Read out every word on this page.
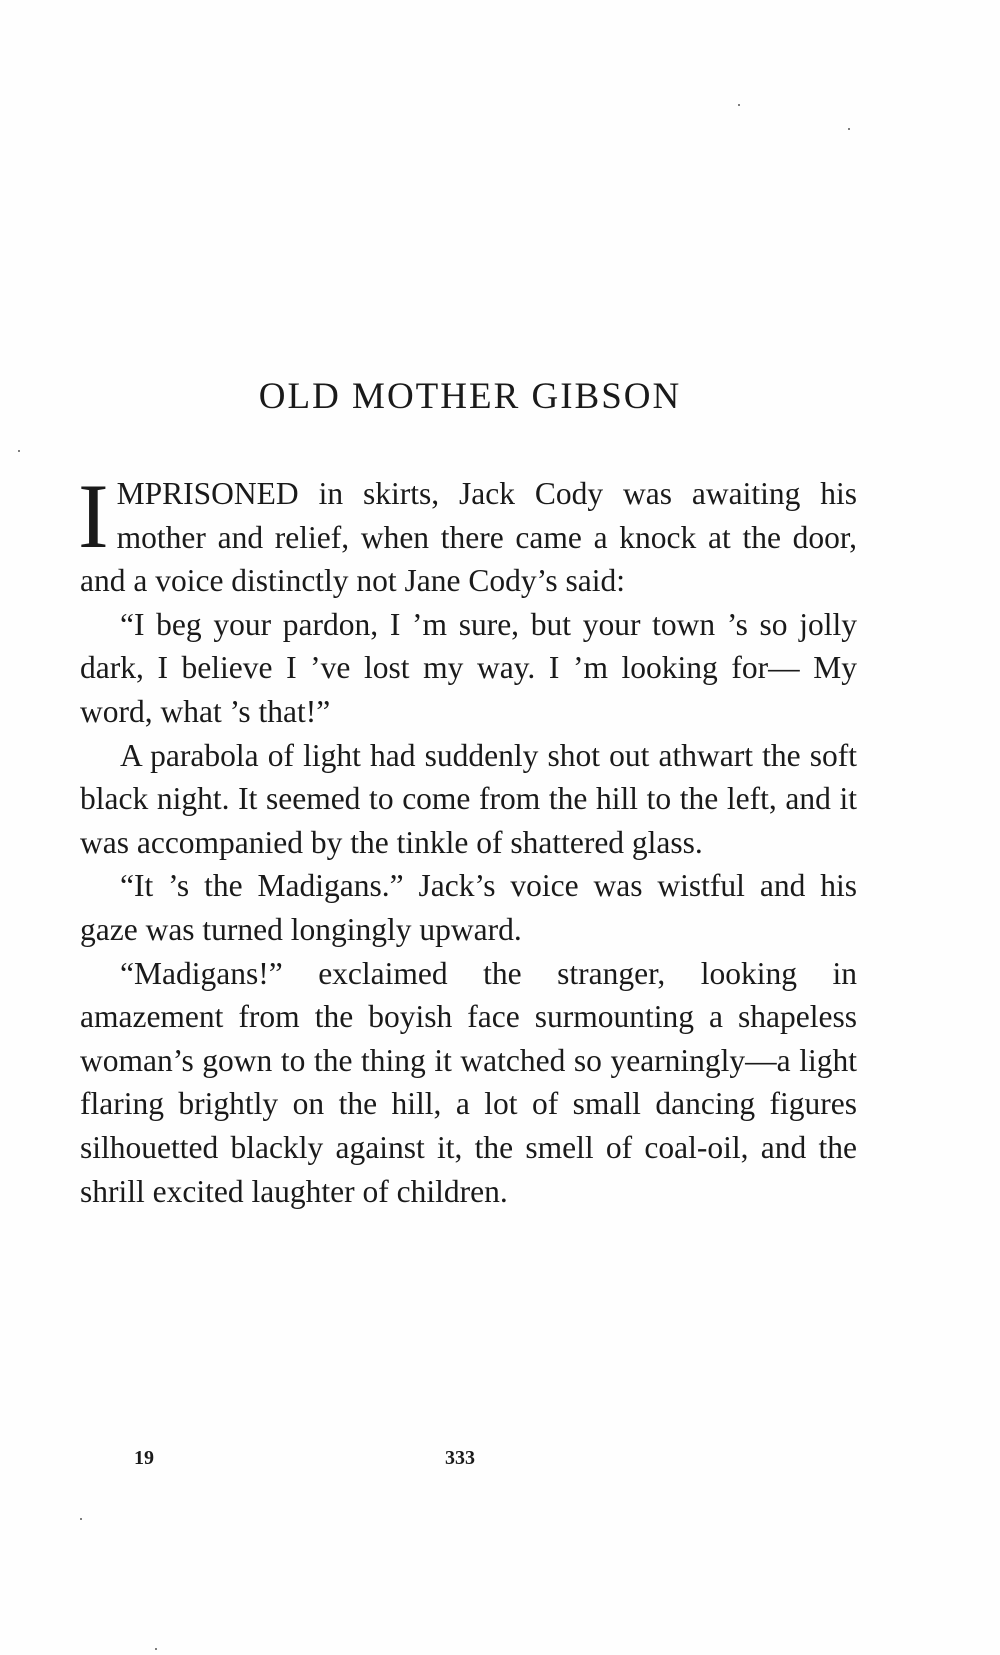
OLD MOTHER GIBSON

IMPRISONED in skirts, Jack Cody was awaiting his mother and relief, when there came a knock at the door, and a voice distinctly not Jane Cody’s said:

“I beg your pardon, I ’m sure, but your town ’s so jolly dark, I believe I ’ve lost my way. I ’m looking for— My word, what ’s that!”

A parabola of light had suddenly shot out athwart the soft black night. It seemed to come from the hill to the left, and it was accompanied by the tinkle of shattered glass.

“It ’s the Madigans.” Jack’s voice was wistful and his gaze was turned longingly upward.

“Madigans!” exclaimed the stranger, looking in amazement from the boyish face surmounting a shapeless woman’s gown to the thing it watched so yearningly—a light flaring brightly on the hill, a lot of small dancing figures silhouetted blackly against it, the smell of coal-oil, and the shrill excited laughter of children.

19	333
